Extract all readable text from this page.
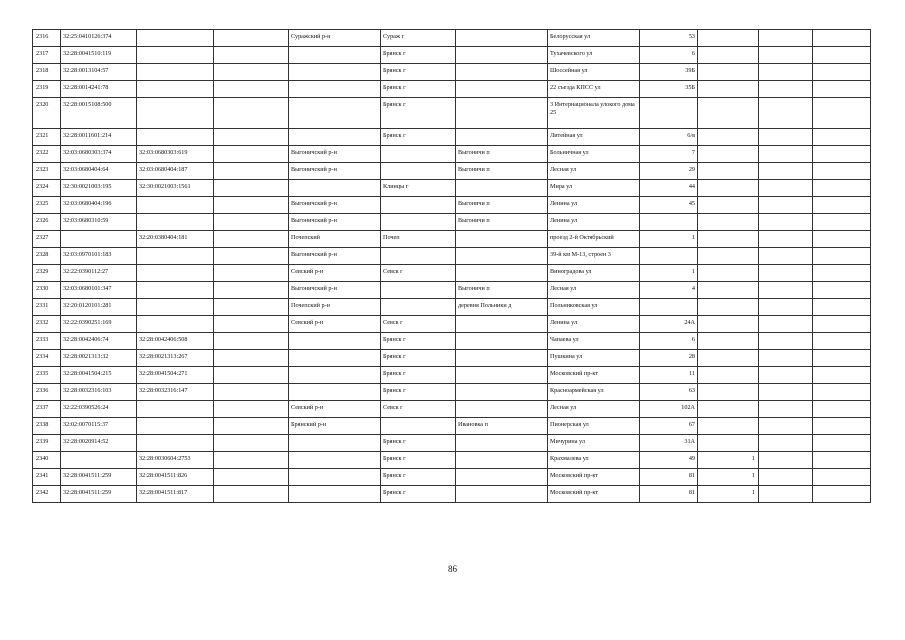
2316	32:25:0410126:374			Суражский р-н	Сураж г		Белорусская ул	53			
2317	32:28:0041510:119				Брянск г		Тухачевского ул	6			
2318	32:28:0013104:57				Брянск г		Шоссейная ул	39Б			
2319	32:28:0014241:78				Брянск г		22 съезда КПСС ул	35Б			
2320	32:28:0015108:500				Брянск г		3 Интернационала улокого дома 25				
2321	32:28:0011601:214				Брянск г		Литейная ул	6/в			
2322	32:03:0680303:374	32:03:0680303:619		Выгоничский р-н		Выгоничи п	Больничная ул	7			
2323	32:03:0680404:64	32:03:0680404:187		Выгоничский р-н		Выгоничи п	Лесная ул	29			
2324	32:30:0021003:195	32:30:0021003:1561			Клинцы г		Мира ул	44			
2325	32:03:0680404:196			Выгоничский р-н		Выгоничи п	Ленина ул	45			
2326	32:03:0680310:59			Выгоничский р-н		Выгоничи п	Ленина ул				
2327		32:20:0380404:181		Почепский	Почеп		проезд 2-й Октябрьский	1			
2328	32:03:0970101:183			Выгоничский р-н			39-й км М-13, строен 3				
2329	32:22:0390112:27			Севский р-н	Севск г		Виноградова ул	1			
2330	32:03:0680101:347			Выгоничский р-н		Выгоничи п	Лесная ул	4			
2331	32:20:0120101:281			Почепский р-н		деревня Польники д	Польниковская ул				
2332	32:22:0390251:169			Севский р-н	Севск г		Ленина ул	24А			
2333	32:28:0042406:74	32:28:0042406:508			Брянск г		Чапаева ул	6			
2334	32:28:0021313:32	32:28:0021313:267			Брянск г		Пушкина ул	28			
2335	32:28:0041504:215	32:28:0041504:271			Брянск г		Московский пр-кт	11			
2336	32:28:0032316:103	32:28:0032316:147			Брянск г		Красноармейская ул	63			
2337	32:22:0390526:24			Севский р-н	Севск г		Лесная ул	102А			
2338	32:02:0070115:37			Брянский р-н		Ивановка п	Пионерская ул	67			
2339	32:28:0020914:52				Брянск г		Мичурина ул	31А			
2340		32:28:0030604:2753			Брянск г		Крахмалева ул	49	1		
2341	32:28:0041511:259	32:28:0041511:826			Брянск г		Московский пр-кт	81	1		
2342	32:28:0041511:259	32:28:0041511:817			Брянск г		Московский пр-кт	81	1		
86
